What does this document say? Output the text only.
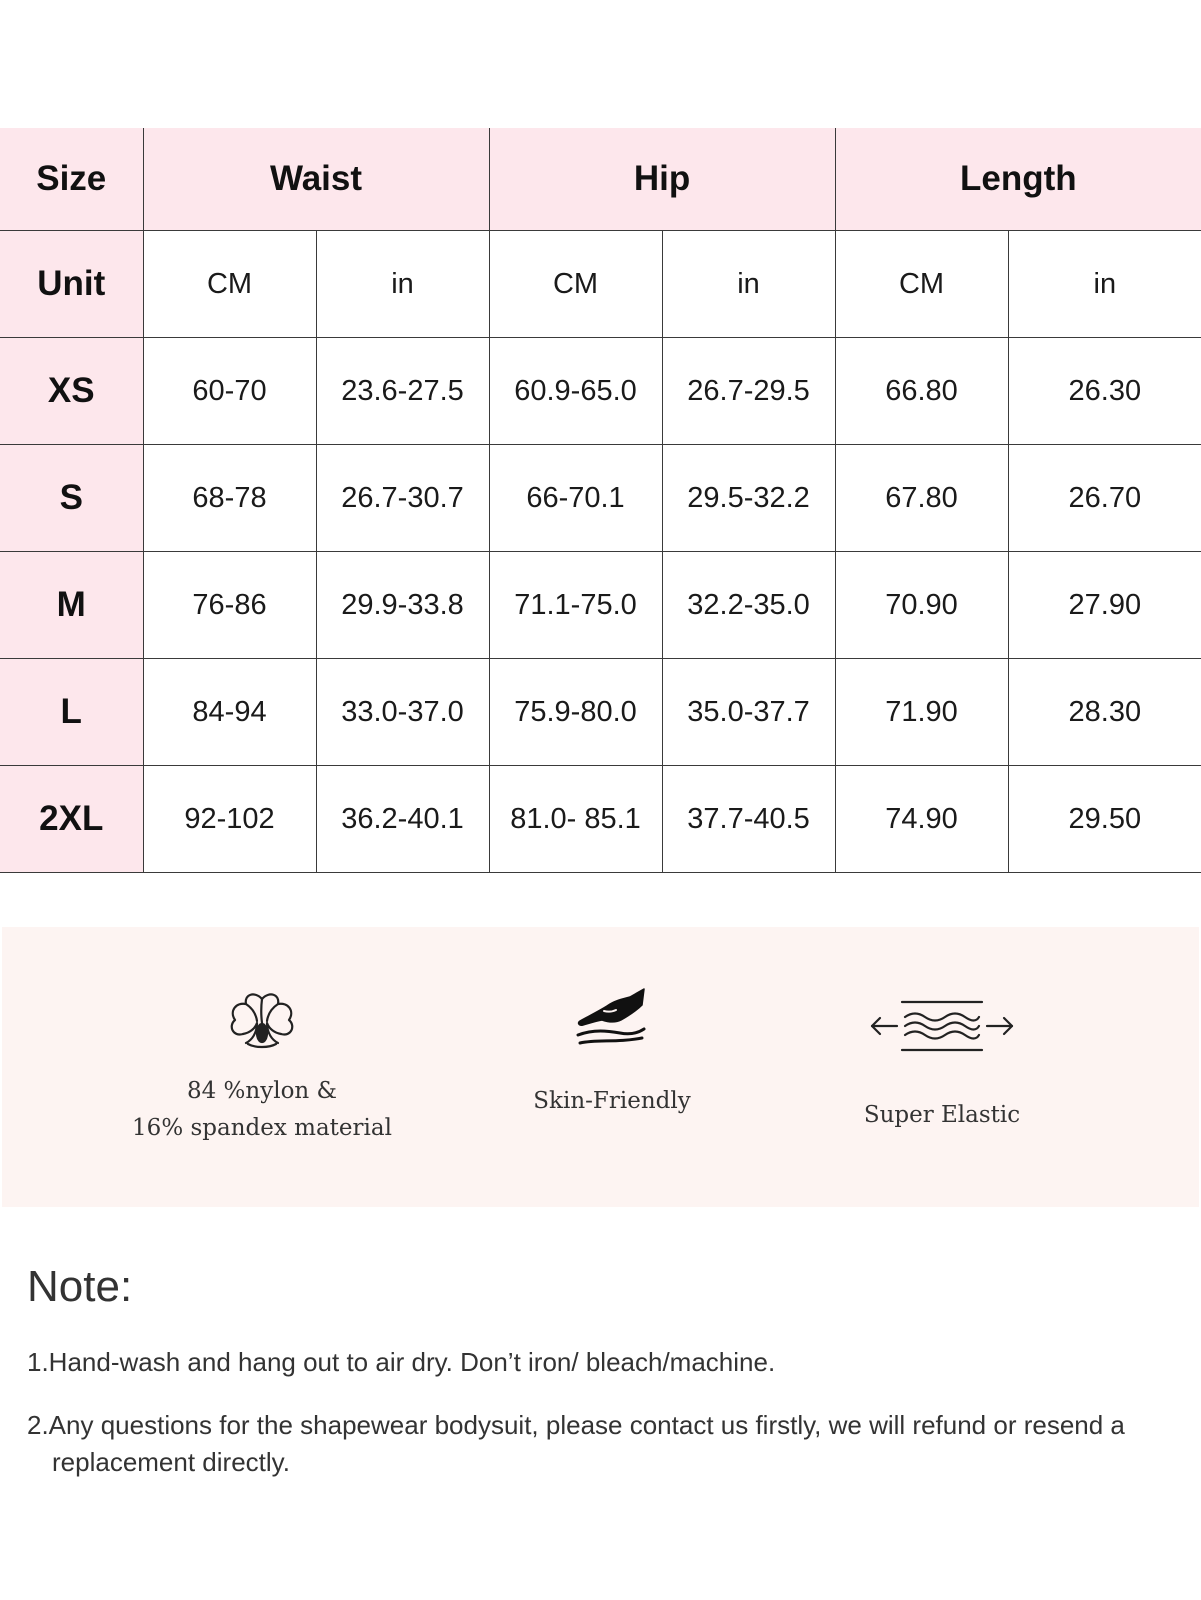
Size	Waist		Hip		Length	
Unit	CM	in	CM	in	CM	in
XS	60-70	23.6-27.5	60.9-65.0	26.7-29.5	66.80	26.30
S	68-78	26.7-30.7	66-70.1	29.5-32.2	67.80	26.70
M	76-86	29.9-33.8	71.1-75.0	32.2-35.0	70.90	27.90
L	84-94	33.0-37.0	75.9-80.0	35.0-37.7	71.90	28.30
2XL	92-102	36.2-40.1	81.0- 85.1	37.7-40.5	74.90	29.50
84 %nylon &
16% spandex material
Skin-Friendly
Super Elastic
Note:
1.Hand-wash and hang out to air dry. Don’t iron/ bleach/machine.
2.Any questions for the shapewear bodysuit, please contact us firstly, we will refund or resend a replacement directly.
